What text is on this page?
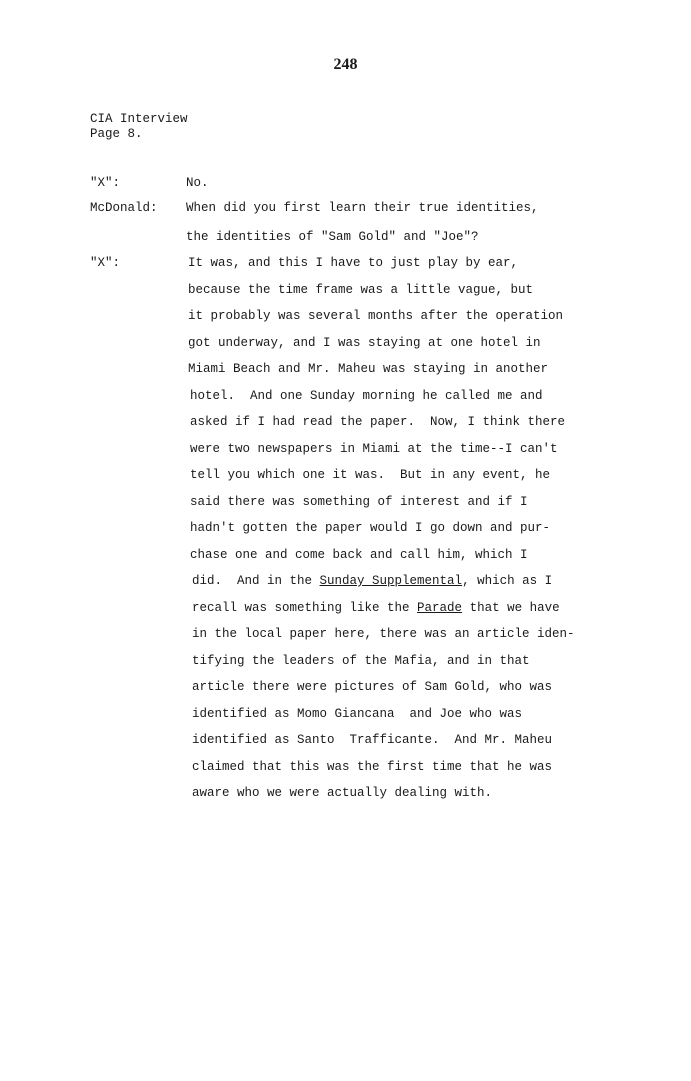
248
CIA Interview
Page 8.
"X":	No.
McDonald: When did you first learn their true identities,
the identities of "Sam Gold" and "Joe"?
"X":	It was, and this I have to just play by ear,
because the time frame was a little vague, but
it probably was several months after the operation
got underway, and I was staying at one hotel in
Miami Beach and Mr. Maheu was staying in another
hotel.  And one Sunday morning he called me and
asked if I had read the paper.  Now, I think there
were two newspapers in Miami at the time--I can't
tell you which one it was.  But in any event, he
said there was something of interest and if I
hadn't gotten the paper would I go down and pur-
chase one and come back and call him, which I
did.  And in the Sunday Supplemental, which as I
recall was something like the Parade that we have
in the local paper here, there was an article iden-
tifying the leaders of the Mafia, and in that
article there were pictures of Sam Gold, who was
identified as Momo Giancana  and Joe who was
identified as Santo  Trafficante.  And Mr. Maheu
claimed that this was the first time that he was
aware who we were actually dealing with.
